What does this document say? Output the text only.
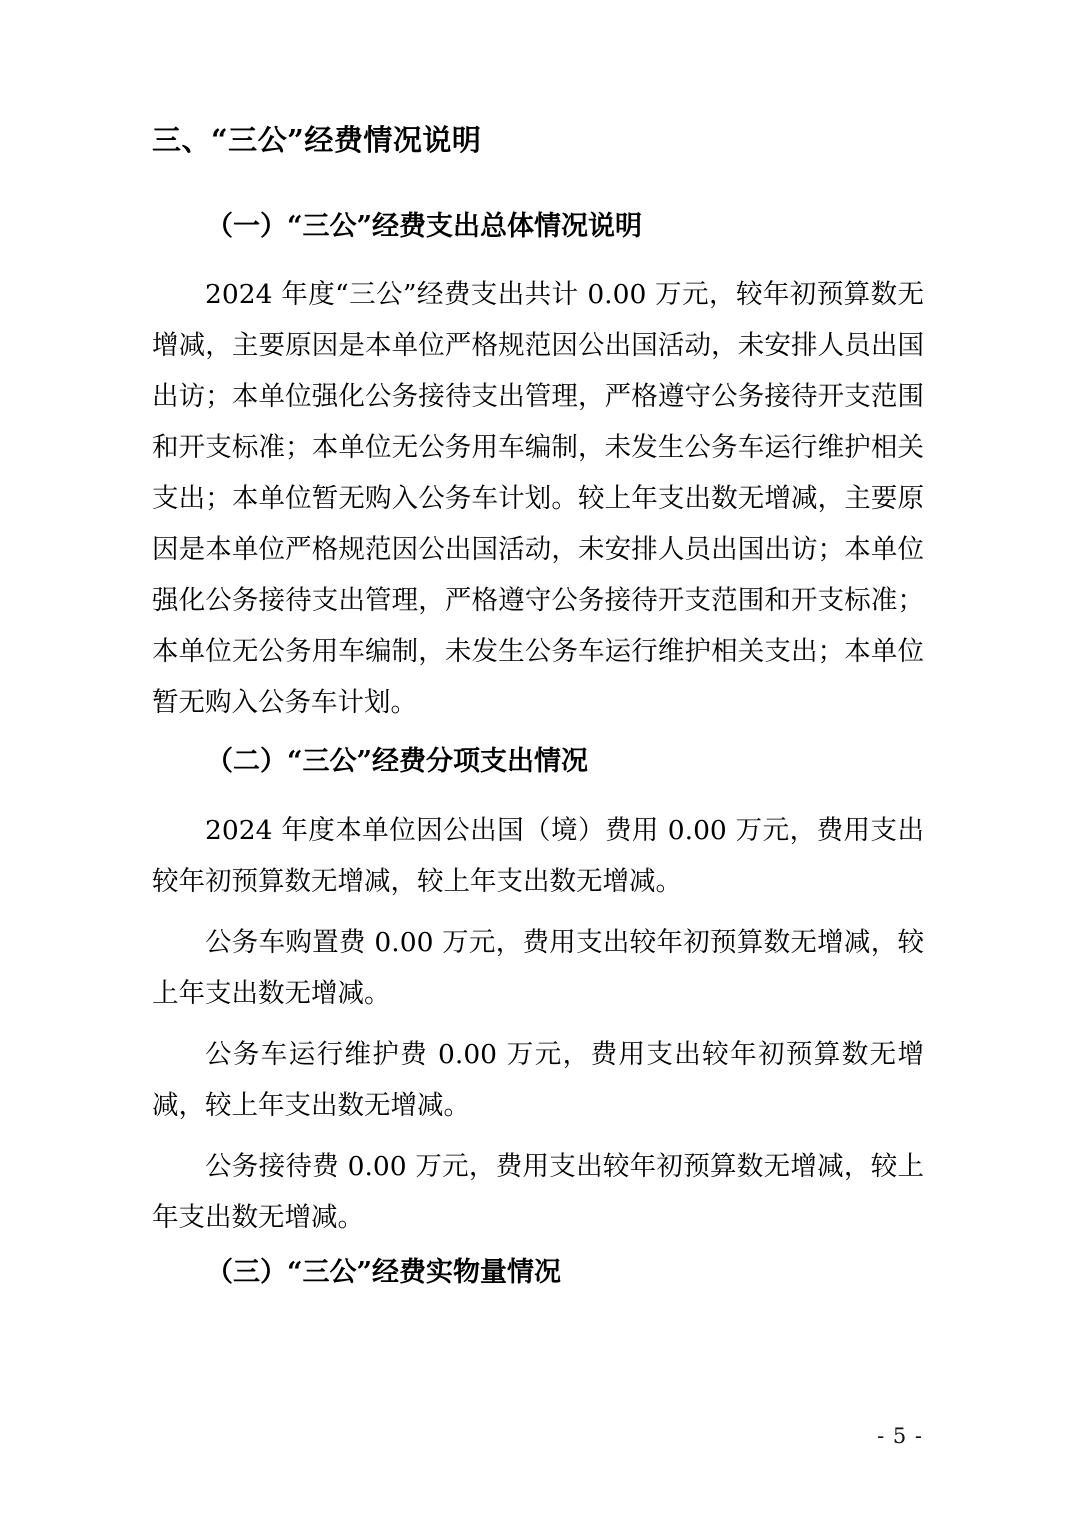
三、“三公”经费情况说明
（一）“三公”经费支出总体情况说明

2024 年度“三公”经费支出共计 0.00 万元，较年初预算数无增减，主要原因是本单位严格规范因公出国活动，未安排人员出国出访；本单位强化公务接待支出管理，严格遵守公务接待开支范围和开支标准；本单位无公务用车编制，未发生公务车运行维护相关支出；本单位暂无购入公务车计划。较上年支出数无增减，主要原因是本单位严格规范因公出国活动，未安排人员出国出访；本单位强化公务接待支出管理，严格遵守公务接待开支范围和开支标准；本单位无公务用车编制，未发生公务车运行维护相关支出；本单位暂无购入公务车计划。

（二）“三公”经费分项支出情况

2024 年度本单位因公出国（境）费用 0.00 万元，费用支出较年初预算数无增减，较上年支出数无增减。

公务车购置费 0.00 万元，费用支出较年初预算数无增减，较上年支出数无增减。

公务车运行维护费 0.00 万元，费用支出较年初预算数无增减，较上年支出数无增减。

公务接待费 0.00 万元，费用支出较年初预算数无增减，较上年支出数无增减。

（三）“三公”经费实物量情况
- 5 -
